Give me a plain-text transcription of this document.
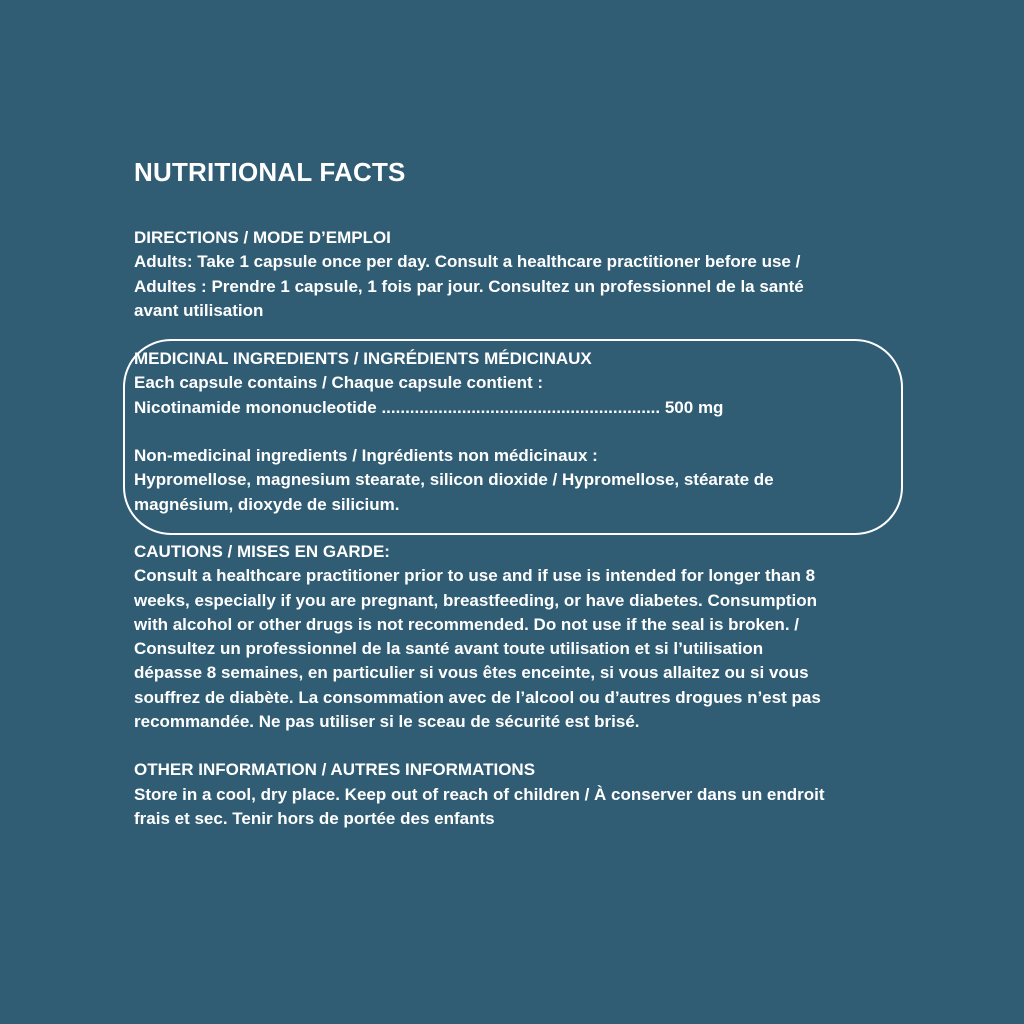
NUTRITIONAL FACTS
DIRECTIONS / MODE D’EMPLOI
Adults: Take 1 capsule once per day. Consult a healthcare practitioner before use /
Adultes : Prendre 1 capsule, 1 fois par jour. Consultez un professionnel de la santé
avant utilisation
MEDICINAL INGREDIENTS / INGRÉDIENTS MÉDICINAUX
Each capsule contains / Chaque capsule contient :
Nicotinamide mononucleotide ........................................................... 500 mg
Non-medicinal ingredients / Ingrédients non médicinaux :
Hypromellose, magnesium stearate, silicon dioxide / Hypromellose, stéarate de
magnésium, dioxyde de silicium.
CAUTIONS / MISES EN GARDE:
Consult a healthcare practitioner prior to use and if use is intended for longer than 8
weeks, especially if you are pregnant, breastfeeding, or have diabetes. Consumption
with alcohol or other drugs is not recommended. Do not use if the seal is broken. /
Consultez un professionnel de la santé avant toute utilisation et si l’utilisation
dépasse 8 semaines, en particulier si vous êtes enceinte, si vous allaitez ou si vous
souffrez de diabète. La consommation avec de l’alcool ou d’autres drogues n’est pas
recommandée. Ne pas utiliser si le sceau de sécurité est brisé.
OTHER INFORMATION / AUTRES INFORMATIONS
Store in a cool, dry place. Keep out of reach of children / À conserver dans un endroit
frais et sec. Tenir hors de portée des enfants
